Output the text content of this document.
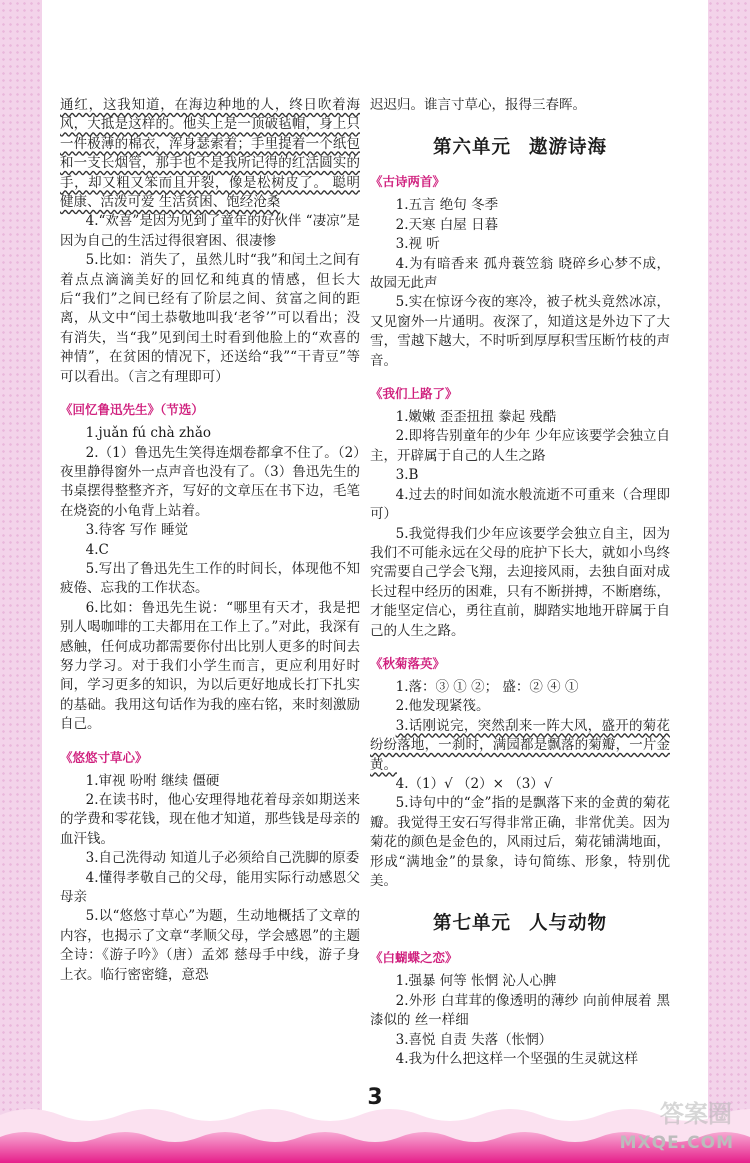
通红，这我知道，在海边种地的人，终日吹着海风，大抵是这样的。他头上是一顶破毡帽，身上只一件极薄的棉衣，浑身瑟索着；手里提着一个纸包和一支长烟管，那手也不是我所记得的红活圆实的手，却又粗又笨而且开裂，像是松树皮了。 聪明健康、活泼可爱 生活贫困、饱经沧桑

4.“欢喜”是因为见到了童年的好伙伴 “凄凉”是因为自己的生活过得很窘困、很凄惨

5.比如：消失了，虽然儿时“我”和闰土之间有着点点滴滴美好的回忆和纯真的情感，但长大后“我们”之间已经有了阶层之间、贫富之间的距离，从文中“闰土恭敬地叫我‘老爷’”可以看出；没有消失，当“我”见到闰土时看到他脸上的“欢喜的神情”，在贫困的情况下，还送给“我”“干青豆”等可以看出。（言之有理即可）

《回忆鲁迅先生》（节选）

1.juǎn fú chà zhǎo

2.（1）鲁迅先生笑得连烟卷都拿不住了。（2）夜里静得窗外一点声音也没有了。（3）鲁迅先生的书桌摆得整整齐齐，写好的文章压在书下边，毛笔在烧瓷的小龟背上站着。

3.待客 写作 睡觉

4.C

5.写出了鲁迅先生工作的时间长，体现他不知疲倦、忘我的工作状态。

6.比如：鲁迅先生说：“哪里有天才，我是把别人喝咖啡的工夫都用在工作上了。”对此，我深有感触，任何成功都需要你付出比别人更多的时间去努力学习。对于我们小学生而言，更应利用好时间，学习更多的知识，为以后更好地成长打下扎实的基础。我用这句话作为我的座右铭，来时刻激励自己。

《悠悠寸草心》

1.审视 吩咐 继续 僵硬

2.在读书时，他心安理得地花着母亲如期送来的学费和零花钱，现在他才知道，那些钱是母亲的血汗钱。

3.自己洗得动 知道儿子必须给自己洗脚的原委

4.懂得孝敬自己的父母，能用实际行动感恩父母亲

5.以“悠悠寸草心”为题，生动地概括了文章的内容，也揭示了文章“孝顺父母，学会感恩”的主题 全诗：《游子吟》（唐）孟郊 慈母手中线，游子身上衣。临行密密缝，意恐

迟迟归。谁言寸草心，报得三春晖。

第六单元 遨游诗海
《古诗两首》

1.五言 绝句 冬季

2.天寒 白屋 日暮

3.视 听

4.为有暗香来 孤舟蓑笠翁 晓碎乡心梦不成，故园无此声

5.实在惊讶今夜的寒冷，被子枕头竟然冰凉，又见窗外一片通明。夜深了，知道这是外边下了大雪，雪越下越大，不时听到厚厚积雪压断竹枝的声音。

《我们上路了》

1.嫩嫩 歪歪扭扭 豢起 残酷

2.即将告别童年的少年 少年应该要学会独立自主，开辟属于自己的人生之路

3.B

4.过去的时间如流水般流逝不可重来（合理即可）

5.我觉得我们少年应该要学会独立自主，因为我们不可能永远在父母的庇护下长大，就如小鸟终究需要自己学会飞翔，去迎接风雨，去独自面对成长过程中经历的困难，只有不断拼搏，不断磨练，才能坚定信心，勇往直前，脚踏实地地开辟属于自己的人生之路。

《秋菊落英》

1.落：③ ① ②； 盛：② ④ ①

2.他发现紧筏。

3.话刚说完，突然刮来一阵大风，盛开的菊花纷纷落地，一刹时，满园都是飘落的菊瓣，一片金黄。

4.（1）√ （2）× （3）√

5.诗句中的“金”指的是飘落下来的金黄的菊花瓣。我觉得王安石写得非常正确，非常优美。因为菊花的颜色是金色的，风雨过后，菊花铺满地面，形成“满地金”的景象，诗句简练、形象，特别优美。

第七单元 人与动物
《白蝴蝶之恋》

1.强暴 何等 怅惘 沁人心脾

2.外形 白茸茸的像透明的薄纱 向前伸展着 黑漆似的 丝一样细

3.喜悦 自责 失落（怅惘）

4.我为什么把这样一个坚强的生灵就这样

3
答案圈
MXQE.COM
